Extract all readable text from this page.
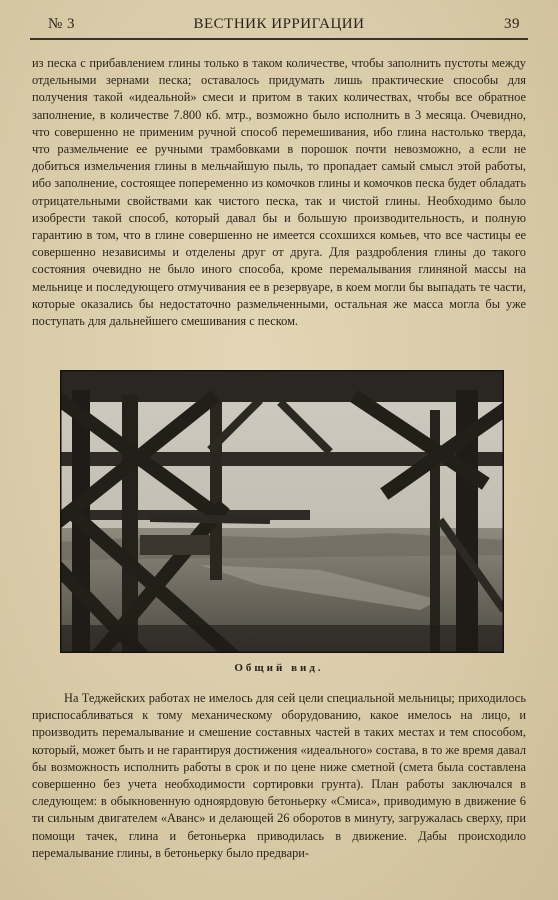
№ 3	ВЕСТНИК ИРРИГАЦИИ	39
из песка с прибавлением глины только в таком количестве, чтобы заполнить пустоты между отдельными зернами песка; оставалось придумать лишь практические способы для получения такой «идеальной» смеси и притом в таких количествах, чтобы все обратное заполнение, в количестве 7.800 кб. мтр., возможно было исполнить в 3 месяца. Очевидно, что совершенно не применим ручной способ перемешивания, ибо глина настолько тверда, что размельчение ее ручными трамбовками в порошок почти невозможно, а если не добиться измельчения глины в мельчайшую пыль, то пропадает самый смысл этой работы, ибо заполнение, состоящее попеременно из комочков глины и комочков песка будет обладать отрицательными свойствами как чистого песка, так и чистой глины. Необходимо было изобрести такой способ, который давал бы и большую производительность, и полную гарантию в том, что в глине совершенно не имеется ссохшихся комьев, что все частицы ее совершенно независимы и отделены друг от друга. Для раздробления глины до такого состояния очевидно не было иного способа, кроме перемалывания глиняной массы на мельнице и последующего отмучивания ее в резервуаре, в коем могли бы выпадать те части, которые оказались бы недостаточно размельченными, остальная же масса могла бы уже поступать для дальнейшего смешивания с песком.
Общий вид.
На Теджейских работах не имелось для сей цели специальной мельницы; приходилось приспосабливаться к тому механическому оборудованию, какое имелось на лицо, и производить перемалывание и смешение составных частей в таких местах и тем способом, который, может быть и не гарантируя достижения «идеального» состава, в то же время давал бы возможность исполнить работы в срок и по цене ниже сметной (смета была составлена совершенно без учета необходимости сортировки грунта). План работы заключался в следующем: в обыкновенную одноярдовую бетоньерку «Смиса», приводимую в движение 6 ти сильным двигателем «Аванс» и делающей 26 оборотов в минуту, загружалась сверху, при помощи тачек, глина и бетоньерка приводилась в движение. Дабы происходило перемалывание глины, в бетоньерку было предвари-
